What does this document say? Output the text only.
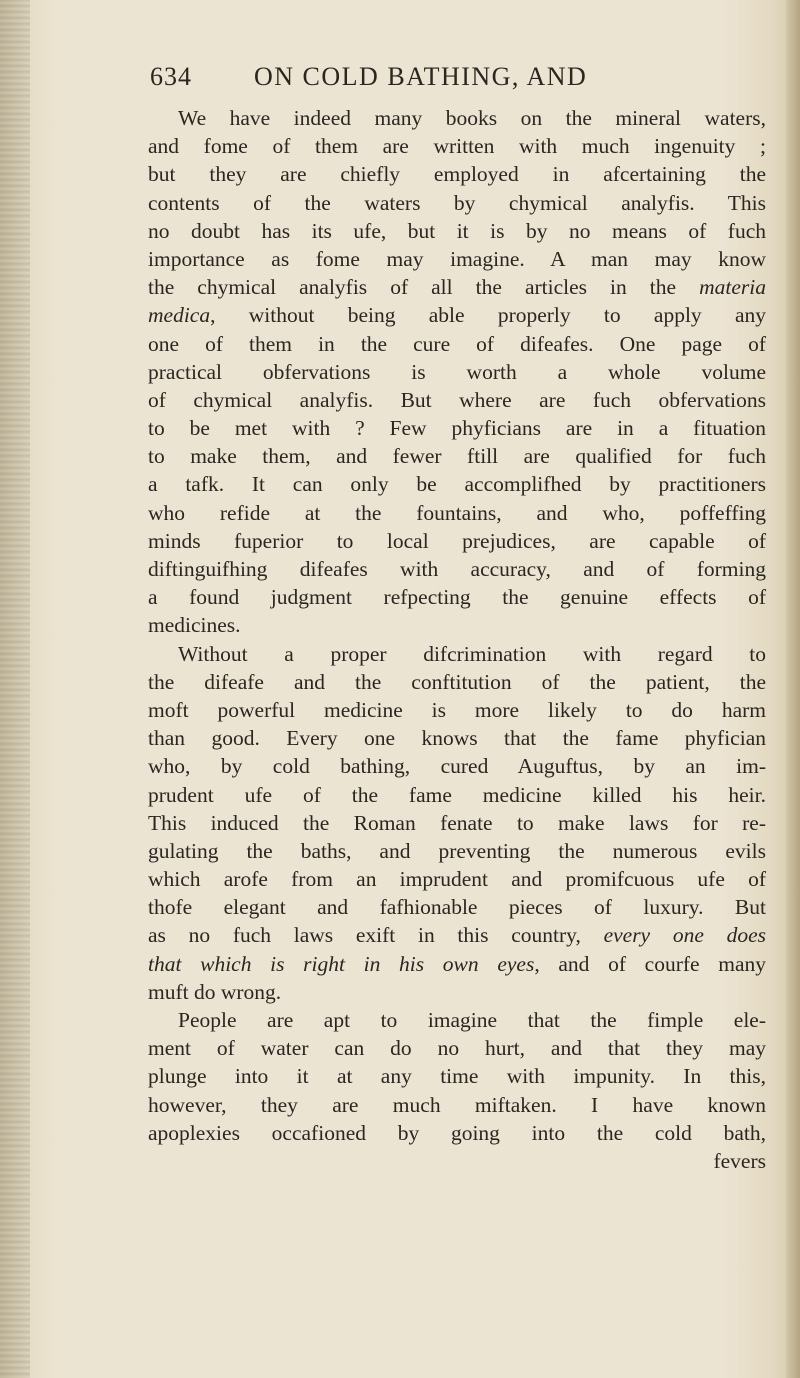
634 ON COLD BATHING, AND
We have indeed many books on the mineral waters,
and fome of them are written with much ingenuity ;
but they are chiefly employed in afcertaining the
contents of the waters by chymical analyfis. This
no doubt has its ufe, but it is by no means of fuch
importance as fome may imagine. A man may know
the chymical analyfis of all the articles in the materia
medica, without being able properly to apply any
one of them in the cure of difeafes. One page of
practical obfervations is worth a whole volume
of chymical analyfis. But where are fuch obfervations
to be met with ? Few phyficians are in a fituation
to make them, and fewer ftill are qualified for fuch
a tafk. It can only be accomplifhed by practitioners
who refide at the fountains, and who, poffeffing
minds fuperior to local prejudices, are capable of
diftinguifhing difeafes with accuracy, and of forming
a found judgment refpecting the genuine effects of
medicines.
Without a proper difcrimination with regard to
the difeafe and the conftitution of the patient, the
moft powerful medicine is more likely to do harm
than good. Every one knows that the fame phyfician
who, by cold bathing, cured Auguftus, by an im-
prudent ufe of the fame medicine killed his heir.
This induced the Roman fenate to make laws for re-
gulating the baths, and preventing the numerous evils
which arofe from an imprudent and promifcuous ufe of
thofe elegant and fafhionable pieces of luxury. But
as no fuch laws exift in this country, every one does
that which is right in his own eyes, and of courfe many
muft do wrong.
People are apt to imagine that the fimple ele-
ment of water can do no hurt, and that they may
plunge into it at any time with impunity. In this,
however, they are much miftaken. I have known
apoplexies occafioned by going into the cold bath,
fevers
